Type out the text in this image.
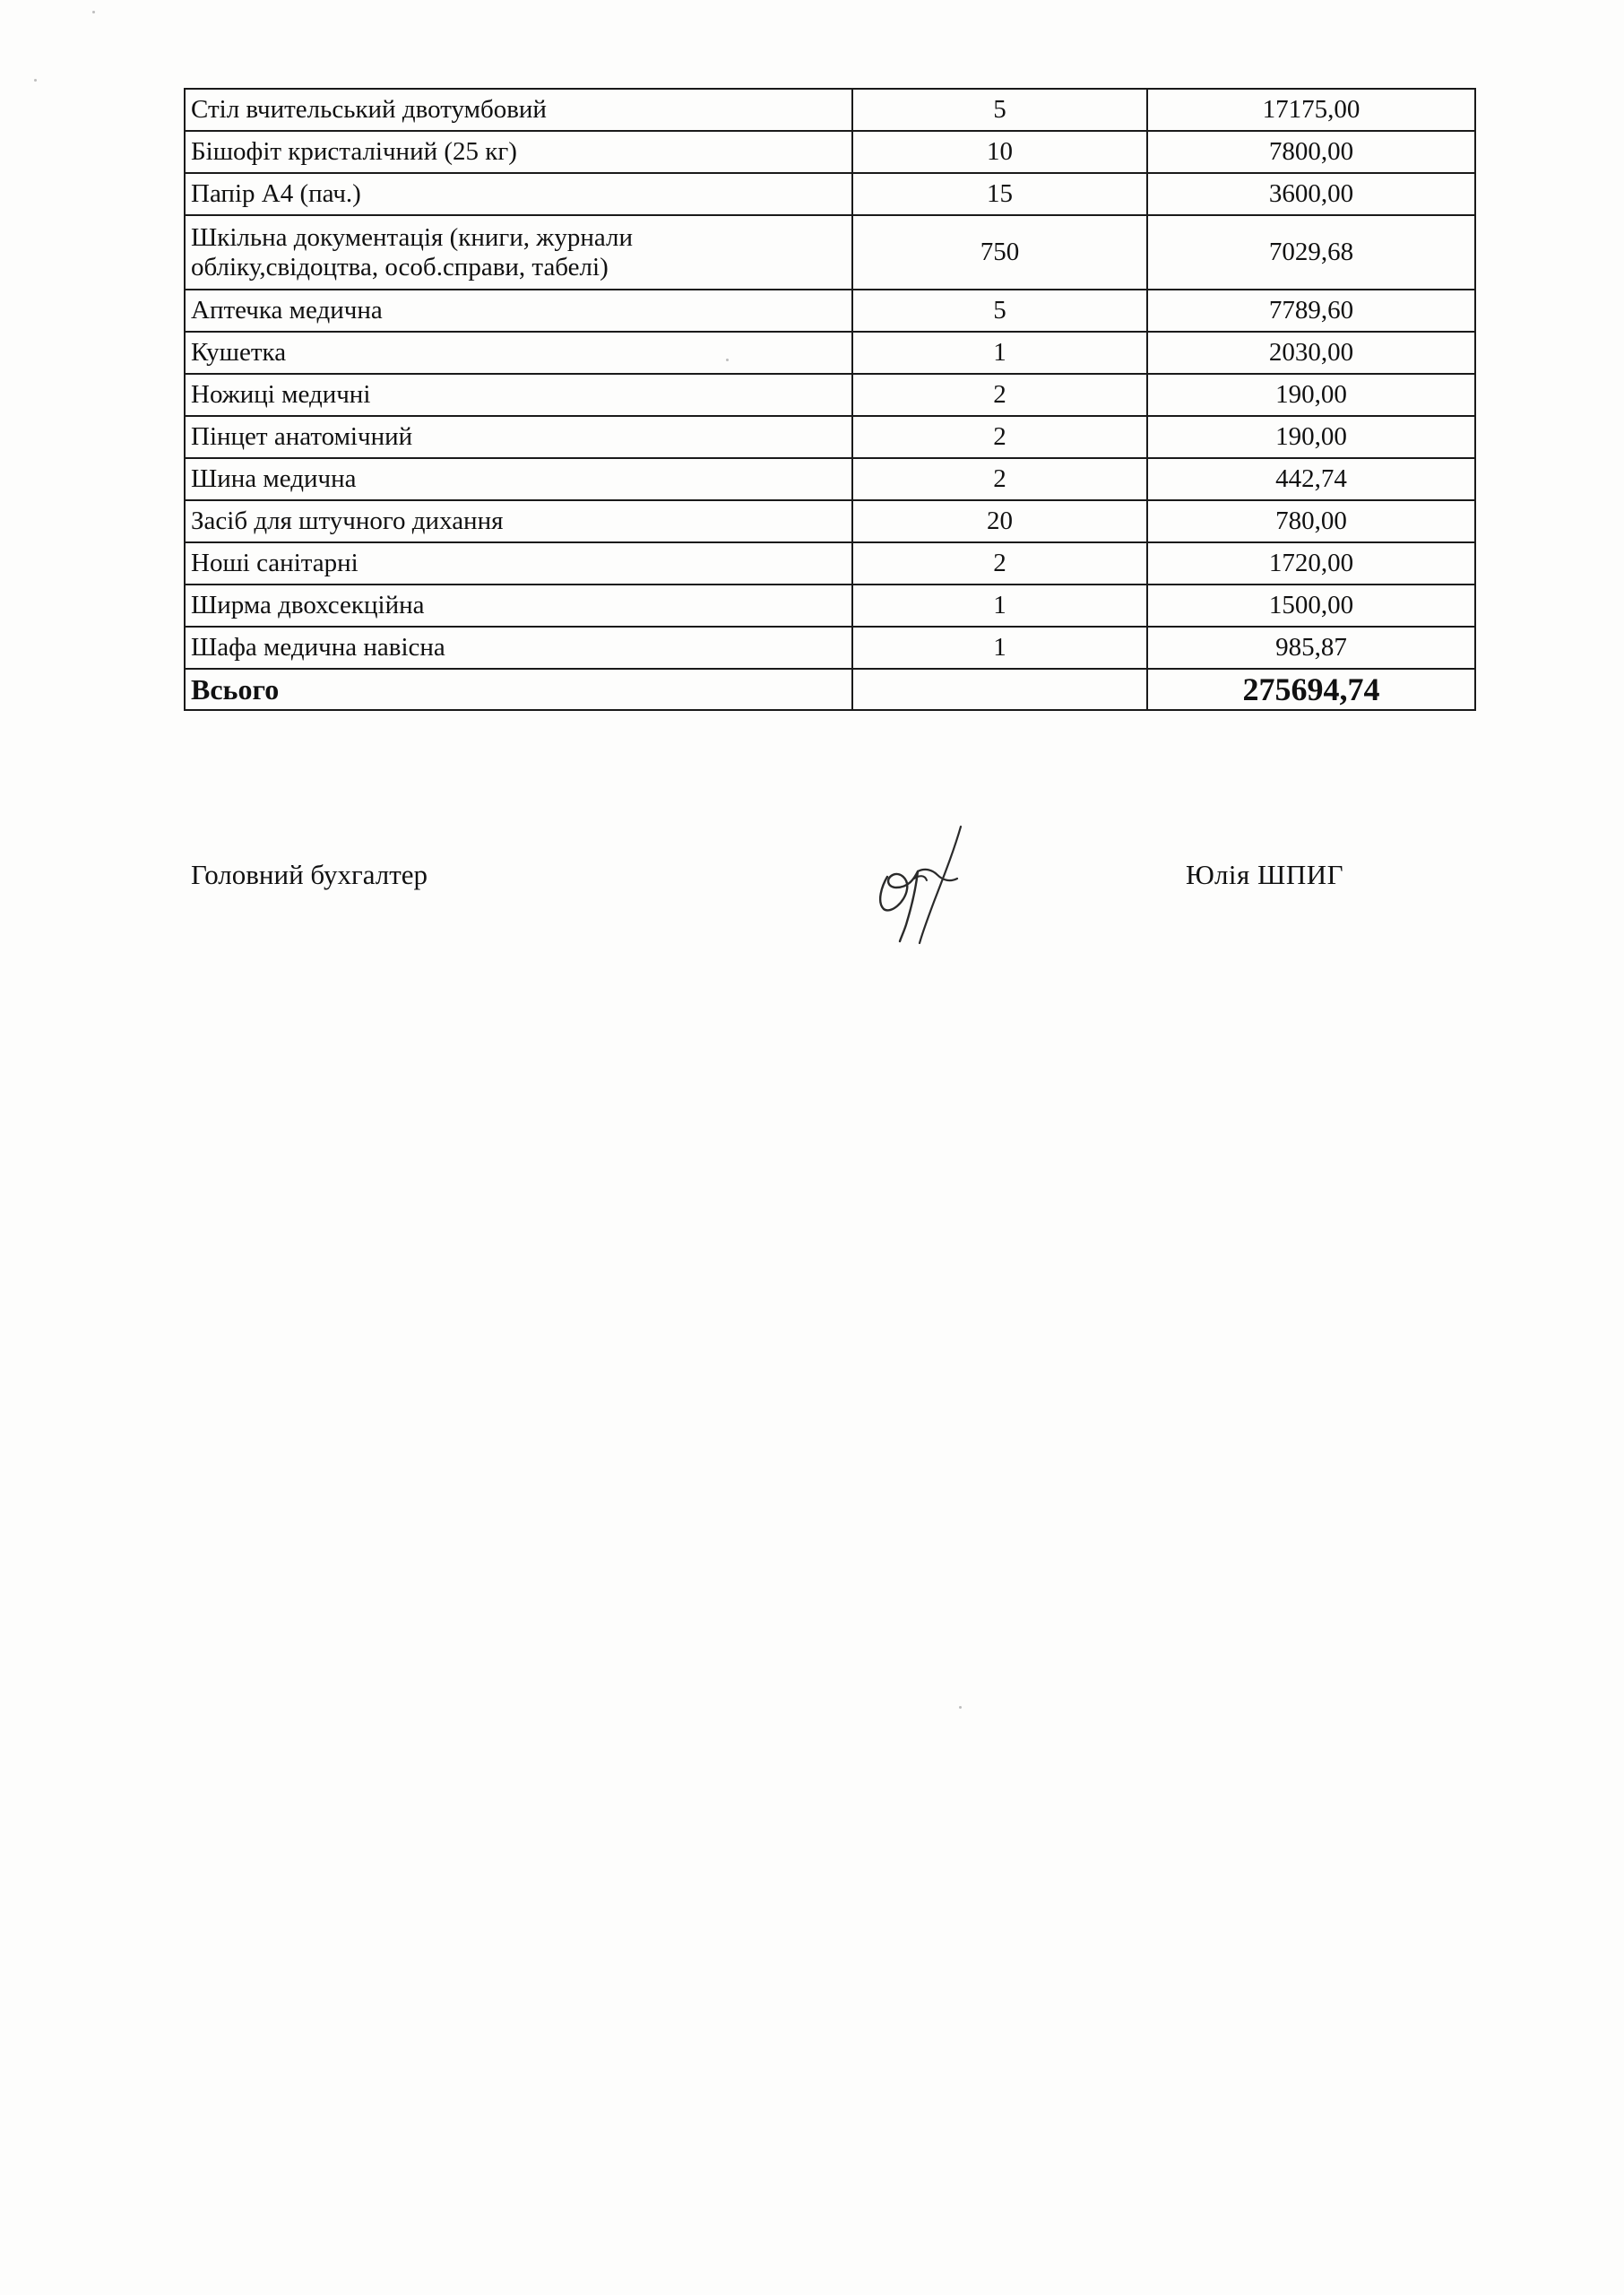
Стіл вчительський двотумбовий	5	17175,00
Бішофіт кристалічний (25 кг)	10	7800,00
Папір А4 (пач.)	15	3600,00

Шкільна документація (книги, журнали
обліку,свідоцтва, особ.справи, табелі)	750	7029,68
Аптечка медична	5	7789,60
Кушетка	1	2030,00
Ножиці медичні	2	190,00
Пінцет анатомічний	2	190,00
Шина медична	2	442,74
Засіб для штучного дихання	20	780,00
Ноші санітарні	2	1720,00
Ширма двохсекційна	1	1500,00
Шафа медична навісна	1	985,87
Всього		275694,74
Головний бухгалтер	Юлія ШПИГ
